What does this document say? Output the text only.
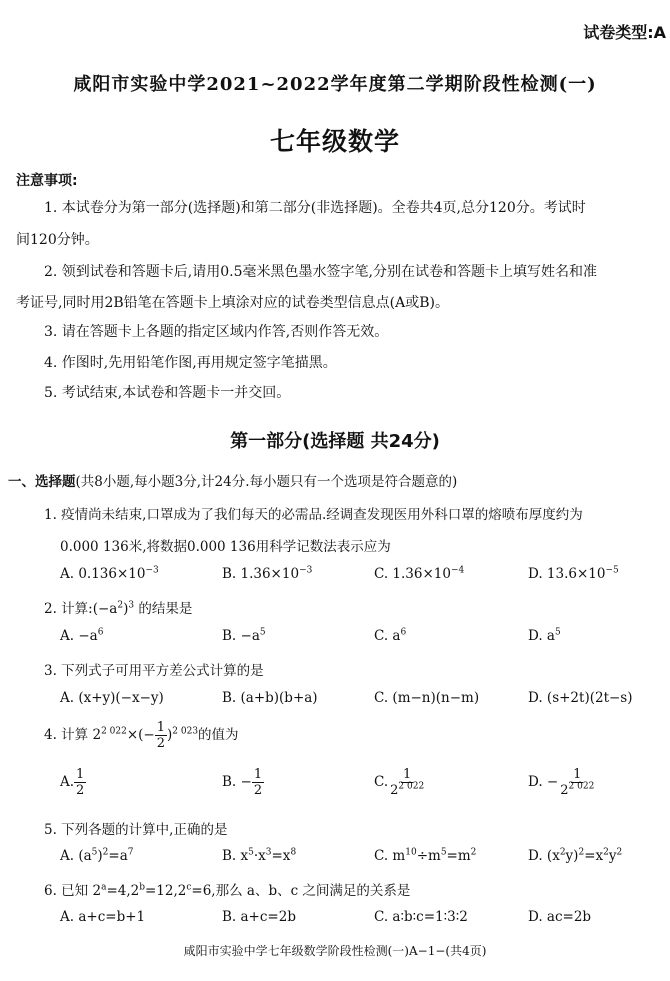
试卷类型:A
咸阳市实验中学2021~2022学年度第二学期阶段性检测(一)
七年级数学
注意事项:
1. 本试卷分为第一部分(选择题)和第二部分(非选择题)。全卷共4页,总分120分。考试时
间120分钟。
2. 领到试卷和答题卡后,请用0.5毫米黑色墨水签字笔,分别在试卷和答题卡上填写姓名和准
考证号,同时用2B铅笔在答题卡上填涂对应的试卷类型信息点(A或B)。
3. 请在答题卡上各题的指定区域内作答,否则作答无效。
4. 作图时,先用铅笔作图,再用规定签字笔描黑。
5. 考试结束,本试卷和答题卡一并交回。
第一部分(选择题 共24分)
一、选择题(共8小题,每小题3分,计24分.每小题只有一个选项是符合题意的)
1. 疫情尚未结束,口罩成为了我们每天的必需品.经调查发现医用外科口罩的熔喷布厚度约为
0.000 136米,将数据0.000 136用科学记数法表示应为
A. $0.136\times 10^{-3}$	B. $1.36\times 10^{-3}$	C. $1.36\times 10^{-4}$	D. $13.6\times 10^{-5}$
2. 计算$:(-a^2)^3$ 的结果是
A. $-a^6$	B. $-a^5$	C. $a^6$	D. $a^5$
3. 下列式子可用平方差公式计算的是
A. (x+y)(−x−y)	B. (a+b)(b+a)	C. (m−n)(n−m)	D. (s+2t)(2t−s)
4. 计算 $2^{2 022}\times(- \frac{1}{2} )^{2 023}$的值为
A. $\frac{1}{2}$	B. − $\frac{1}{2}$	C. $\frac{1}{2^{2 022}}$	D. − $\frac{1}{2^{2 022}}$
5. 下列各题的计算中,正确的是
A. $(a^5)^2=a^7$	B. $x^5\cdot x^3=x^8$	C. $m^{10}\div m^5=m^2$	D. $(x^2y)^2=x^2y^2$
6. 已知 $2^a=4,2^b=12,2^c=6$,那么 a、b、c 之间满足的关系是
A. a+c=b+1	B. a+c=2b	C. a∶b∶c=1∶3∶2	D. ac=2b
咸阳市实验中学七年级数学阶段性检测(一)A−1−(共4页)
